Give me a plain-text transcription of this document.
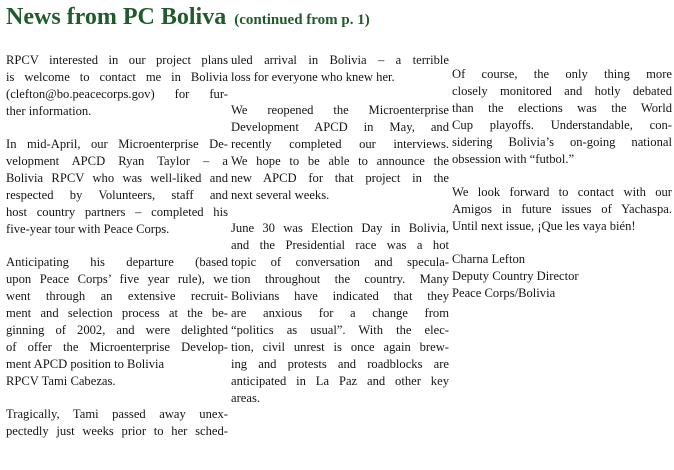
News from PC Boliva (continued from p. 1)

RPCV interested in our project plans
is welcome to contact me in Bolivia
(clefton@bo.peacecorps.gov) for fur-
ther information.

In mid-April, our Microenterprise De-
velopment APCD Ryan Taylor – a
Bolivia RPCV who was well-liked and
respected by Volunteers, staff and
host country partners – completed his
five-year tour with Peace Corps.

Anticipating his departure (based
upon Peace Corps’ five year rule), we
went through an extensive recruit-
ment and selection process at the be-
ginning of 2002, and were delighted
of offer the Microenterprise Develop-
ment APCD position to Bolivia
RPCV Tami Cabezas.

Tragically, Tami passed away unex-
pectedly just weeks prior to her sched-

uled arrival in Bolivia – a terrible
loss for everyone who knew her.

We reopened the Microenterprise
Development APCD in May, and
recently completed our interviews.
We hope to be able to announce the
new APCD for that project in the
next several weeks.

June 30 was Election Day in Bolivia,
and the Presidential race was a hot
topic of conversation and specula-
tion throughout the country. Many
Bolivians have indicated that they
are anxious for a change from
“politics as usual”. With the elec-
tion, civil unrest is once again brew-
ing and protests and roadblocks are
anticipated in La Paz and other key
areas.

Of course, the only thing more
closely monitored and hotly debated
than the elections was the World
Cup playoffs. Understandable, con-
sidering Bolivia’s on-going national
obsession with “futbol.”

We look forward to contact with our
Amigos in future issues of Yachaspa.
Until next issue, ¡Que les vaya bién!

Charna Lefton
Deputy Country Director
Peace Corps/Bolivia
